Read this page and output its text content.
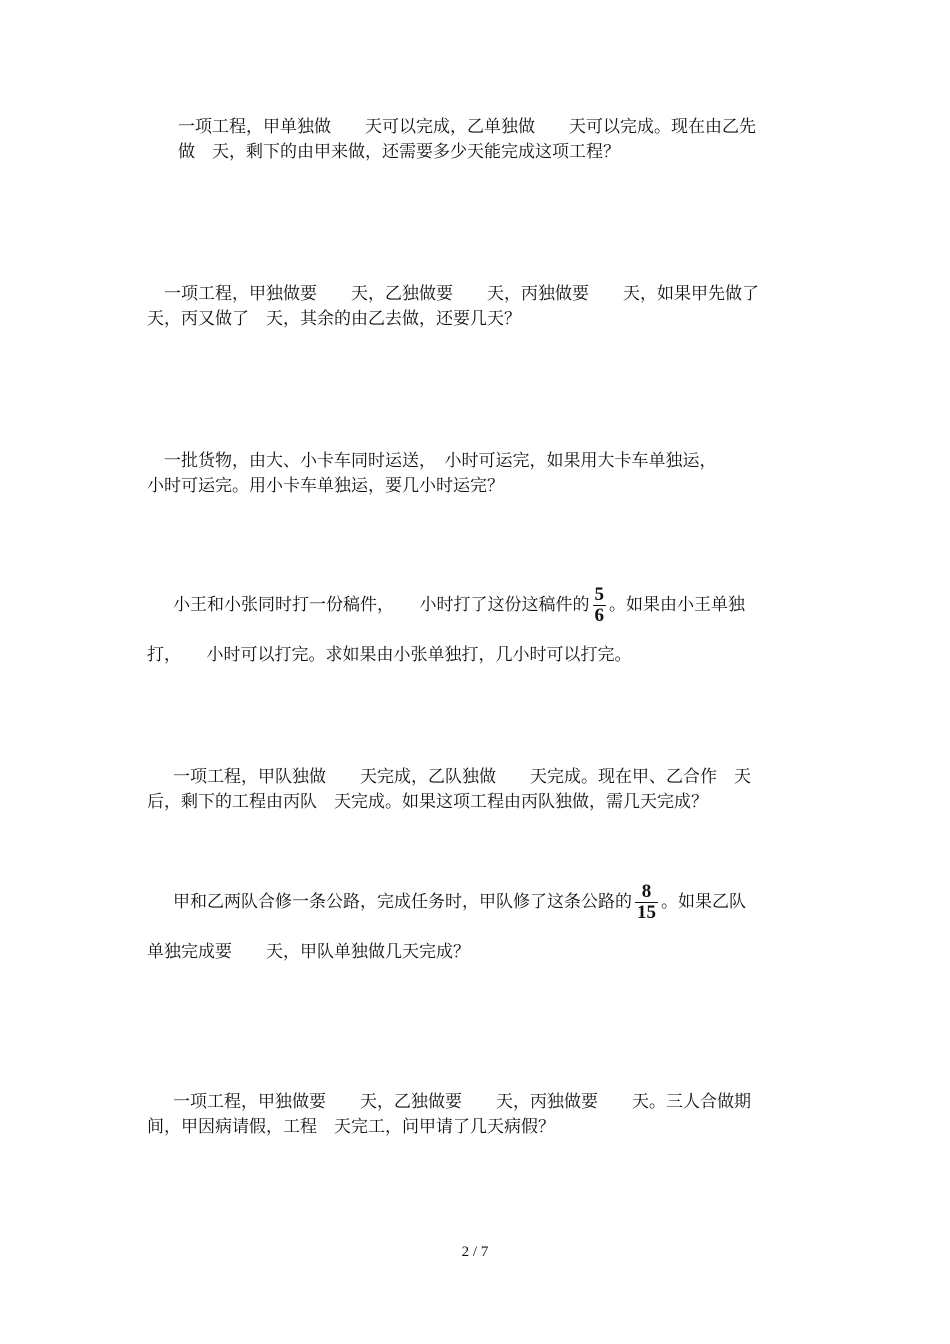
一项工程，甲单独做　　天可以完成，乙单独做　　天可以完成。现在由乙先
做　天，剩下的由甲来做，还需要多少天能完成这项工程？
一项工程，甲独做要　　天，乙独做要　　天，丙独做要　　天，如果甲先做了
天，丙又做了　天，其余的由乙去做，还要几天？
一批货物，由大、小卡车同时运送，　小时可运完，如果用大卡车单独运，
小时可运完。用小卡车单独运，要几小时运完？
小王和小张同时打一份稿件，　　小时打了这份这稿件的 $\frac{5}{6}$ 。如果由小王单独
打，　　小时可以打完。求如果由小张单独打，几小时可以打完。
一项工程，甲队独做　　天完成，乙队独做　　天完成。现在甲、乙合作　天
后，剩下的工程由丙队　天完成。如果这项工程由丙队独做，需几天完成？
甲和乙两队合修一条公路，完成任务时，甲队修了这条公路的 $\frac{8}{15}$ 。如果乙队
单独完成要　　天，甲队单独做几天完成？
一项工程，甲独做要　　天，乙独做要　　天，丙独做要　　天。三人合做期
间，甲因病请假，工程　天完工，问甲请了几天病假？
2 / 7
